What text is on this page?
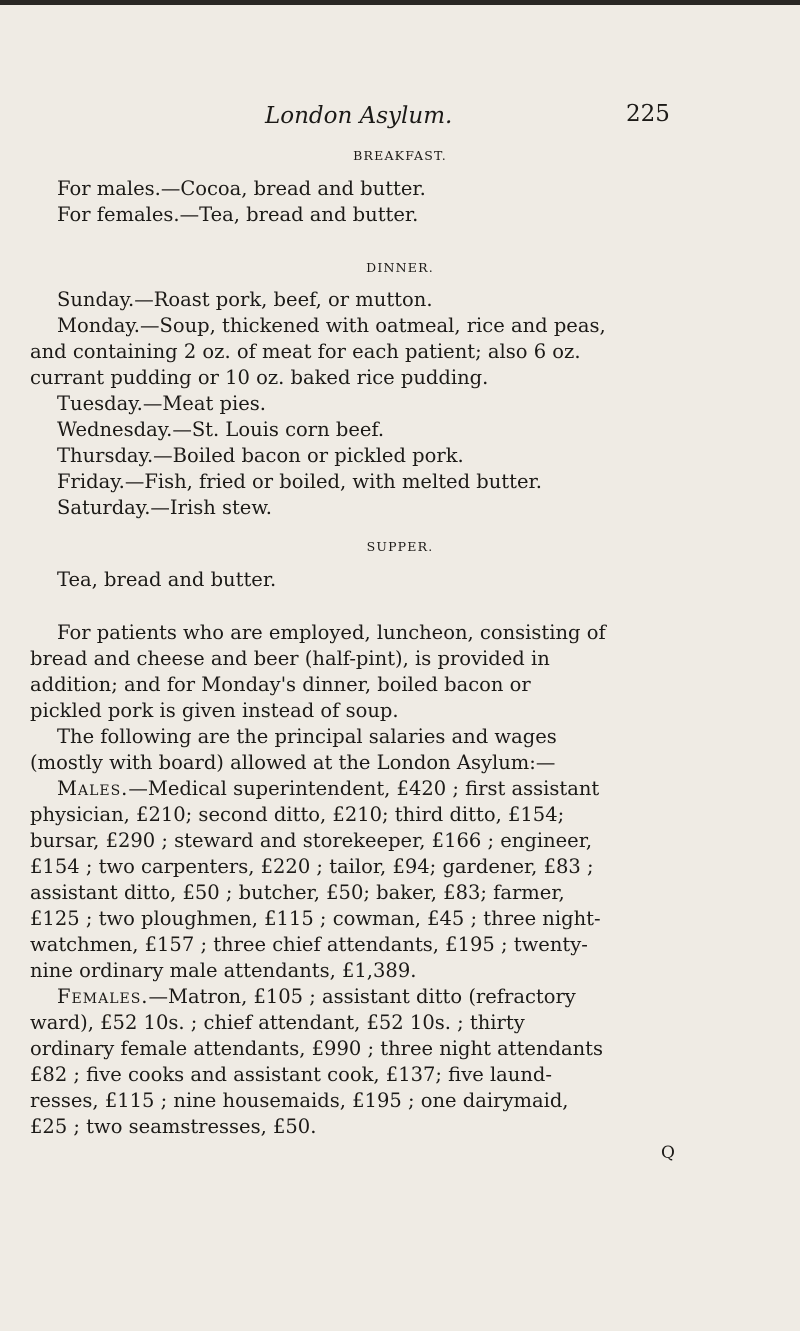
London Asylum.	225
BREAKFAST.
For males.—Cocoa, bread and butter.
For females.—Tea, bread and butter.
DINNER.
Sunday.—Roast pork, beef, or mutton.
Monday.—Soup, thickened with oatmeal, rice and peas,
and containing 2 oz. of meat for each patient; also 6 oz.
currant pudding or 10 oz. baked rice pudding.
Tuesday.—Meat pies.
Wednesday.—St. Louis corn beef.
Thursday.—Boiled bacon or pickled pork.
Friday.—Fish, fried or boiled, with melted butter.
Saturday.—Irish stew.
SUPPER.
Tea, bread and butter.
For patients who are employed, luncheon, consisting of
bread and cheese and beer (half-pint), is provided in
addition; and for Monday's dinner, boiled bacon or
pickled pork is given instead of soup.
The following are the principal salaries and wages
(mostly with board) allowed at the London Asylum:—
Males.—Medical superintendent, £420 ; first assistant
physician, £210; second ditto, £210; third ditto, £154;
bursar, £290 ; steward and storekeeper, £166 ; engineer,
£154 ; two carpenters, £220 ; tailor, £94; gardener, £83 ;
assistant ditto, £50 ; butcher, £50; baker, £83; farmer,
£125 ; two ploughmen, £115 ; cowman, £45 ; three night-
watchmen, £157 ; three chief attendants, £195 ; twenty-
nine ordinary male attendants, £1,389.
Females.—Matron, £105 ; assistant ditto (refractory
ward), £52 10s. ; chief attendant, £52 10s. ; thirty
ordinary female attendants, £990 ; three night attendants
£82 ; five cooks and assistant cook, £137; five laund-
resses, £115 ; nine housemaids, £195 ; one dairymaid,
£25 ; two seamstresses, £50.
Q
